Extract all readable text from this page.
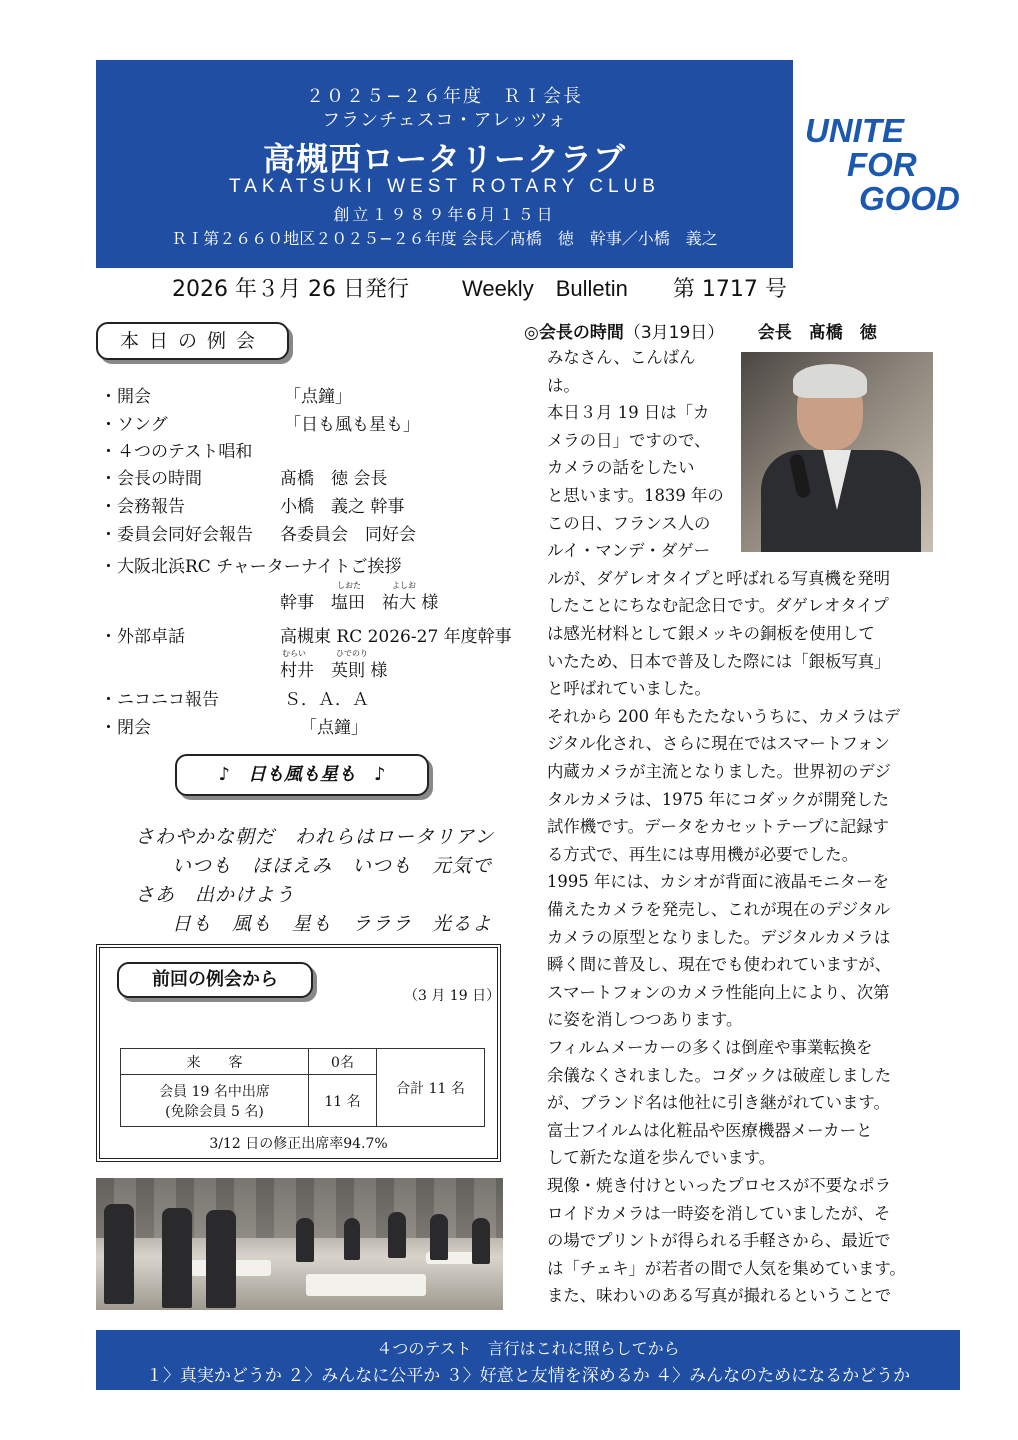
２０２５−２６年度　ＲＩ会長
フランチェスコ・アレッツォ
高槻西ロータリークラブ
TAKATSUKI WEST ROTARY CLUB
創立１９８９年6月１５日
ＲＩ第２６６０地区２０２５−２６年度 会長／髙橋　徳　幹事／小橋　義之
UNITE
FOR
GOOD
2026 年３月 26 日発行 Weekly　Bulletin 第 1717 号
本日の例会
・開会	「点鐘」
・ソング	「日も風も星も」
・４つのテスト唱和
・会長の時間	髙橋　徳 会長
・会務報告	小橋　義之 幹事
・委員会同好会報告 各委員会　同好会
・大阪北浜RC チャーターナイトご挨拶
幹事　塩田　祐大 様
しおた	よしお
・外部卓話	高槻東 RC 2026-27 年度幹事
村井　英則 様
むらい	ひでのり
・ニコニコ報告	Ｓ．Ａ．Ａ
・閉会	「点鐘」
♪　日も風も星も　♪
さわやかな朝だ　われらはロータリアン
いつも　ほほえみ　いつも　元気で
さあ　出かけよう
日も　風も　星も　ラララ　光るよ
前回の例会から
（3 月 19 日）
来　　客	0名	合計 11 名

会員 19 名中出席
(免除会員 5 名)	11 名	
3/12 日の修正出席率94.7%
◎会長の時間（3月19日） 会長　髙橋　徳
みなさん、こんばん
は。
本日３月 19 日は「カ
メラの日」ですので、
カメラの話をしたい
と思います。1839 年の
この日、フランス人の
ルイ・マンデ・ダゲー
ルが、ダゲレオタイプと呼ばれる写真機を発明
したことにちなむ記念日です。ダゲレオタイプ
は感光材料として銀メッキの銅板を使用して
いたため、日本で普及した際には「銀板写真」
と呼ばれていました。
それから 200 年もたたないうちに、カメラはデ
ジタル化され、さらに現在ではスマートフォン
内蔵カメラが主流となりました。世界初のデジ
タルカメラは、1975 年にコダックが開発した
試作機です。データをカセットテープに記録す
る方式で、再生には専用機が必要でした。
1995 年には、カシオが背面に液晶モニターを
備えたカメラを発売し、これが現在のデジタル
カメラの原型となりました。デジタルカメラは
瞬く間に普及し、現在でも使われていますが、
スマートフォンのカメラ性能向上により、次第
に姿を消しつつあります。
フィルムメーカーの多くは倒産や事業転換を
余儀なくされました。コダックは破産しました
が、ブランド名は他社に引き継がれています。
富士フイルムは化粧品や医療機器メーカーと
して新たな道を歩んでいます。
現像・焼き付けといったプロセスが不要なポラ
ロイドカメラは一時姿を消していましたが、そ
の場でプリントが得られる手軽さから、最近で
は「チェキ」が若者の間で人気を集めています。
また、味わいのある写真が撮れるということで
４つのテスト　言行はこれに照らしてから
１〉真実かどうか ２〉みんなに公平か ３〉好意と友情を深めるか ４〉みんなのためになるかどうか
